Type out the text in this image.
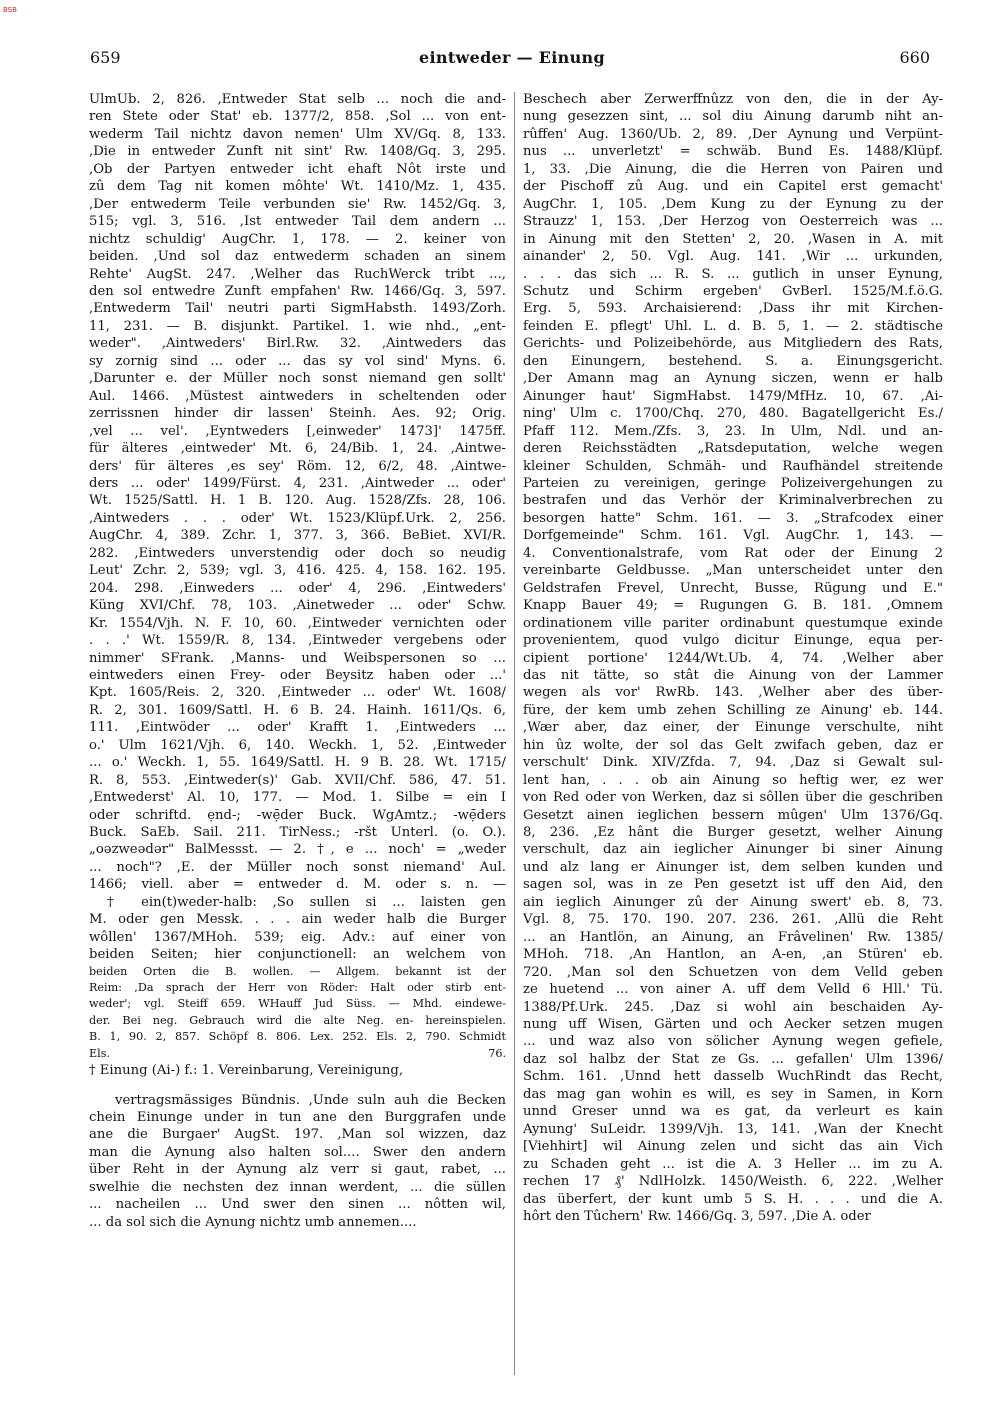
BSB
659	eintweder — Einung	660
UlmUb. 2, 826. ,Entweder Stat selb ... noch die and-
ren Stete oder Stat' eb. 1377/2, 858. ,Sol ... von ent-
wederm Tail nichtz davon nemen' Ulm XV/Gq. 8, 133.
,Die in entweder Zunft nit sint' Rw. 1408/Gq. 3, 295.
,Ob der Partyen entweder icht ehaft Nôt irste und
zû dem Tag nit komen môhte' Wt. 1410/Mz. 1, 435.
,Der entwederm Teile verbunden sie' Rw. 1452/Gq. 3,
515; vgl. 3, 516. ,Ist entweder Tail dem andern ...
nichtz schuldig' AugChr. 1, 178. — 2. keiner von
beiden. ,Und sol daz entwederm schaden an sinem
Rehte' AugSt. 247. ,Welher das RuchWerck tribt ...,
den sol entwedre Zunft empfahen' Rw. 1466/Gq. 3, 597.
,Entwederm Tail' neutri parti SigmHabsth. 1493/Zorh.
11, 231. — B. disjunkt. Partikel. 1. wie nhd., „ent-
weder". ,Aintweders' Birl.Rw. 32. ,Aintweders das
sy zornig sind ... oder ... das sy vol sind' Myns. 6.
,Darunter e. der Müller noch sonst niemand gen sollt'
Aul. 1466. ,Müstest aintweders in scheltenden oder
zerrissnen hinder dir lassen' Steinh. Aes. 92; Orig.
,vel ... vel'. ,Eyntweders [,einweder' 1473]' 1475ff.
für älteres ,eintweder' Mt. 6, 24/Bib. 1, 24. ,Aintwe-
ders' für älteres ,es sey' Röm. 12, 6/2, 48. ,Aintwe-
ders ... oder' 1499/Fürst. 4, 231. ,Aintweder ... oder'
Wt. 1525/Sattl. H. 1 B. 120. Aug. 1528/Zfs. 28, 106.
,Aintweders . . . oder' Wt. 1523/Klüpf.Urk. 2, 256.
AugChr. 4, 389. Zchr. 1, 377. 3, 366. BeBiet. XVI/R.
282. ,Eintweders unverstendig oder doch so neudig
Leut' Zchr. 2, 539; vgl. 3, 416. 425. 4, 158. 162. 195.
204. 298. ,Einweders ... oder' 4, 296. ,Eintweders'
Küng XVI/Chf. 78, 103. ,Ainetweder ... oder' Schw.
Kr. 1554/Vjh. N. F. 10, 60. ,Eintweder vernichten oder
. . .' Wt. 1559/R. 8, 134. ,Eintweder vergebens oder
nimmer' SFrank. ,Manns- und Weibspersonen so ...
eintweders einen Frey- oder Beysitz haben oder ...'
Kpt. 1605/Reis. 2, 320. ,Eintweder ... oder' Wt. 1608/
R. 2, 301. 1609/Sattl. H. 6 B. 24. Hainh. 1611/Qs. 6,
111. ,Eintwöder ... oder' Krafft 1. ,Eintweders ...
o.' Ulm 1621/Vjh. 6, 140. Weckh. 1, 52. ,Eintweder
... o.' Weckh. 1, 55. 1649/Sattl. H. 9 B. 28. Wt. 1715/
R. 8, 553. ,Eintweder(s)' Gab. XVII/Chf. 586, 47. 51.
,Entwederst' Al. 10, 177. — Mod. 1. Silbe = ein I
oder schriftd. ẹnd-; -wẹ̄der Buck. WgAmtz.; -wẹ̄ders
Buck. SaEb. Sail. 211. TirNess.; -ršt Unterl. (o. O.).
„oəzweədər" BalMessst. — 2. †, e ... noch' = „weder
... noch"? ,E. der Müller noch sonst niemand' Aul.
1466; viell. aber = entweder d. M. oder s. n. —
† ein(t)weder-halb: ,So sullen si ... laisten gen
M. oder gen Messk. . . . ain weder halb die Burger
wôllen' 1367/MHoh. 539; eig. Adv.: auf einer von
beiden Seiten; hier conjunctionell: an welchem von
beiden Orten die B. wollen. — Allgem. bekannt ist der
Reim: ,Da sprach der Herr von Röder: Halt oder stirb ent-
weder'; vgl. Steiff 659. WHauff Jud Süss. — Mhd. eindewe-
der. Bei neg. Gebrauch wird die alte Neg. en- hereinspielen.
B. 1, 90. 2, 857. Schöpf 8. 806. Lex. 252. Els. 2, 790. Schmidt
Els. 76.
† Einung (Ai-) f.: 1. Vereinbarung, Vereinigung,
vertragsmässiges Bündnis. ,Unde suln auh die Becken
chein Einunge under in tun ane den Burggrafen unde
ane die Burgaer' AugSt. 197. ,Man sol wizzen, daz
man die Aynung also halten sol.... Swer den andern
über Reht in der Aynung alz verr si gaut, rabet, ...
swelhie die nechsten dez innan werdent, ... die süllen
... nacheilen ... Und swer den sinen ... nôtten wil,
... da sol sich die Aynung nichtz umb annemen....
Beschech aber Zerwerffnûzz von den, die in der Ay-
nung gesezzen sint, ... sol diu Ainung darumb niht an-
rûffen' Aug. 1360/Ub. 2, 89. ,Der Aynung und Verpünt-
nus ... unverletzt' = schwäb. Bund Es. 1488/Klüpf.
1, 33. ,Die Ainung, die die Herren von Pairen und
der Pischoff zû Aug. und ein Capitel erst gemacht'
AugChr. 1, 105. ,Dem Kung zu der Eynung zu der
Strauzz' 1, 153. ,Der Herzog von Oesterreich was ...
in Ainung mit den Stetten' 2, 20. ,Wasen in A. mit
ainander' 2, 50. Vgl. Aug. 141. ,Wir ... urkunden,
. . . das sich ... R. S. ... gutlich in unser Eynung,
Schutz und Schirm ergeben' GvBerl. 1525/M.f.ö.G.
Erg. 5, 593. Archaisierend: ,Dass ihr mit Kirchen-
feinden E. pflegt' Uhl. L. d. B. 5, 1. — 2. städtische
Gerichts- und Polizeibehörde, aus Mitgliedern des Rats,
den Einungern, bestehend. S. a. Einungsgericht.
,Der Amann mag an Aynung siczen, wenn er halb
Ainunger haut' SigmHabst. 1479/MfHz. 10, 67. ,Ai-
ning' Ulm c. 1700/Chq. 270, 480. Bagatellgericht Es./
Pfaff 112. Mem./Zfs. 3, 23. In Ulm, Ndl. und an-
deren Reichsstädten „Ratsdeputation, welche wegen
kleiner Schulden, Schmäh- und Raufhändel streitende
Parteien zu vereinigen, geringe Polizeivergehungen zu
bestrafen und das Verhör der Kriminalverbrechen zu
besorgen hatte" Schm. 161. — 3. „Strafcodex einer
Dorfgemeinde" Schm. 161. Vgl. AugChr. 1, 143. —
4. Conventionalstrafe, vom Rat oder der Einung 2
vereinbarte Geldbusse. „Man unterscheidet unter den
Geldstrafen Frevel, Unrecht, Busse, Rügung und E."
Knapp Bauer 49; = Rugungen G. B. 181. ,Omnem
ordinationem ville pariter ordinabunt questumque exinde
provenientem, quod vulgo dicitur Einunge, equa per-
cipient portione' 1244/Wt.Ub. 4, 74. ,Welher aber
das nit tätte, so stât die Ainung von der Lammer
wegen als vor' RwRb. 143. ,Welher aber des über-
füre, der kem umb zehen Schilling ze Ainung' eb. 144.
,Wær aber, daz einer, der Einunge verschulte, niht
hin ûz wolte, der sol das Gelt zwifach geben, daz er
verschult' Dink. XIV/Zfda. 7, 94. ,Daz si Gewalt sul-
lent han, . . . ob ain Ainung so heftig wer, ez wer
von Red oder von Werken, daz si sôllen über die geschriben
Gesetzt ainen ieglichen bessern mûgen' Ulm 1376/Gq.
8, 236. ,Ez hânt die Burger gesetzt, welher Ainung
verschult, daz ain ieglicher Ainunger bi siner Ainung
und alz lang er Ainunger ist, dem selben kunden und
sagen sol, was in ze Pen gesetzt ist uff den Aid, den
ain ieglich Ainunger zû der Ainung swert' eb. 8, 73.
Vgl. 8, 75. 170. 190. 207. 236. 261. ,Allü die Reht
... an Hantlön, an Ainung, an Frâvelinen' Rw. 1385/
MHoh. 718. ,An Hantlon, an A-en, ,an Stüren' eb.
720. ,Man sol den Schuetzen von dem Velld geben
ze huetend ... von ainer A. uff dem Velld 6 Hll.' Tü.
1388/Pf.Urk. 245. ,Daz si wohl ain beschaiden Ay-
nung uff Wisen, Gärten und och Aecker setzen mugen
... und waz also von sölicher Aynung wegen gefiele,
daz sol halbz der Stat ze Gs. ... gefallen' Ulm 1396/
Schm. 161. ,Unnd hett dasselb WuchRindt das Recht,
das mag gan wohin es will, es sey in Samen, in Korn
unnd Greser unnd wa es gat, da verleurt es kain
Aynung' SuLeidr. 1399/Vjh. 13, 141. ,Wan der Knecht
[Viehhirt] wil Ainung zelen und sicht das ain Vich
zu Schaden geht ... ist die A. 3 Heller ... im zu A.
rechen 17 ₰' NdlHolzk. 1450/Weisth. 6, 222. ,Welher
das überfert, der kunt umb 5 S. H. . . . und die A.
hôrt den Tûchern' Rw. 1466/Gq. 3, 597. ,Die A. oder
